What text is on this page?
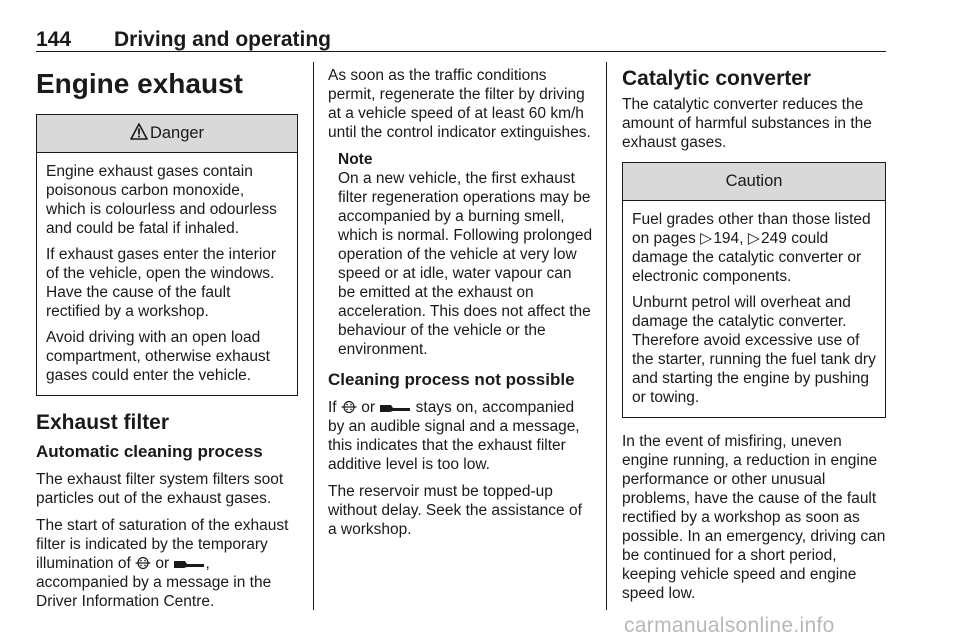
144 Driving and operating
Engine exhaust
Danger

Engine exhaust gases contain poisonous carbon monoxide, which is colourless and odourless and could be fatal if inhaled.

If exhaust gases enter the interior of the vehicle, open the windows. Have the cause of the fault rectified by a workshop.

Avoid driving with an open load compartment, otherwise exhaust gases could enter the vehicle.

Exhaust filter
Automatic cleaning process

The exhaust filter system filters soot particles out of the exhaust gases.

The start of saturation of the exhaust filter is indicated by the temporary illumination of  or , accompanied by a message in the Driver Information Centre.

As soon as the traffic conditions permit, regenerate the filter by driving at a vehicle speed of at least 60 km/h until the control indicator extinguishes.

Note
On a new vehicle, the first exhaust filter regeneration operations may be accompanied by a burning smell, which is normal. Following prolonged operation of the vehicle at very low speed or at idle, water vapour can be emitted at the exhaust on acceleration. This does not affect the behaviour of the vehicle or the environment.
Cleaning process not possible

If  or  stays on, accompanied by an audible signal and a message, this indicates that the exhaust filter additive level is too low.

The reservoir must be topped-up without delay. Seek the assistance of a workshop.

Catalytic converter

The catalytic converter reduces the amount of harmful substances in the exhaust gases.

Caution

Fuel grades other than those listed on pages ▷ 194, ▷ 249 could damage the catalytic converter or electronic components.

Unburnt petrol will overheat and damage the catalytic converter. Therefore avoid excessive use of the starter, running the fuel tank dry and starting the engine by pushing or towing.

In the event of misfiring, uneven engine running, a reduction in engine performance or other unusual problems, have the cause of the fault rectified by a workshop as soon as possible. In an emergency, driving can be continued for a short period, keeping vehicle speed and engine speed low.

carmanualsonline.info
